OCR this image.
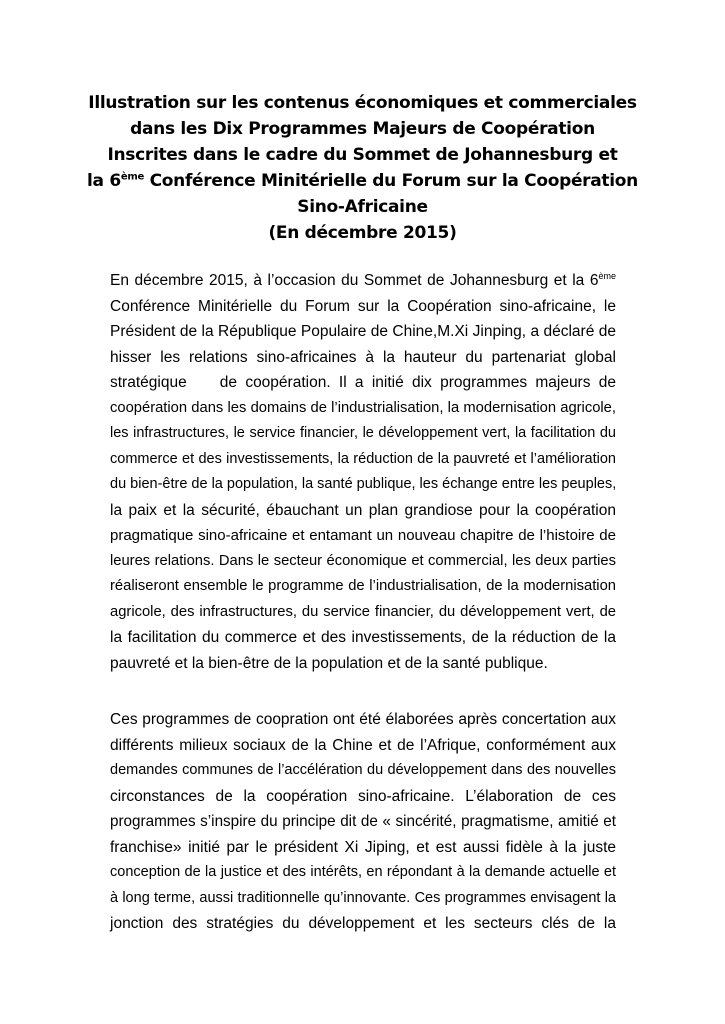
Illustration sur les contenus économiques et commerciales
dans les Dix Programmes Majeurs de Coopération
Inscrites dans le cadre du Sommet de Johannesburg et
la 6ème Conférence Minitérielle du Forum sur la Coopération
Sino-Africaine
(En décembre 2015)
En décembre 2015, à l’occasion du Sommet de Johannesburg et la 6ème
Conférence Minitérielle du Forum sur la Coopération sino-africaine, le
Président de la République Populaire de Chine,M.Xi Jinping, a déclaré de
hisser les relations sino-africaines à la hauteur du partenariat global
stratégique    de coopération. Il a initié dix programmes majeurs de
coopération dans les domains de l’industrialisation, la modernisation agricole,
les infrastructures, le service financier, le développement vert, la facilitation du
commerce et des investissements, la réduction de la pauvreté et l’amélioration
du bien-être de la population, la santé publique, les échange entre les peuples,
la paix et la sécurité, ébauchant un plan grandiose pour la coopération
pragmatique sino-africaine et entamant un nouveau chapitre de l’histoire de
leures relations. Dans le secteur économique et commercial, les deux parties
réaliseront ensemble le programme de l’industrialisation, de la modernisation
agricole, des infrastructures, du service financier, du développement vert, de
la facilitation du commerce et des investissements, de la réduction de la
pauvreté et la bien-être de la population et de la santé publique.
Ces programmes de coopration ont été élaborées après concertation aux
différents milieux sociaux de la Chine et de l’Afrique, conformément aux
demandes communes de l’accélération du développement dans des nouvelles
circonstances de la coopération sino-africaine. L’élaboration de ces
programmes s’inspire du principe dit de « sincérité, pragmatisme, amitié et
franchise» initié par le président Xi Jiping, et est aussi fidèle à la juste
conception de la justice et des intérêts, en répondant à la demande actuelle et
à long terme, aussi traditionnelle qu’innovante. Ces programmes envisagent la
jonction des stratégies du développement et les secteurs clés de la
